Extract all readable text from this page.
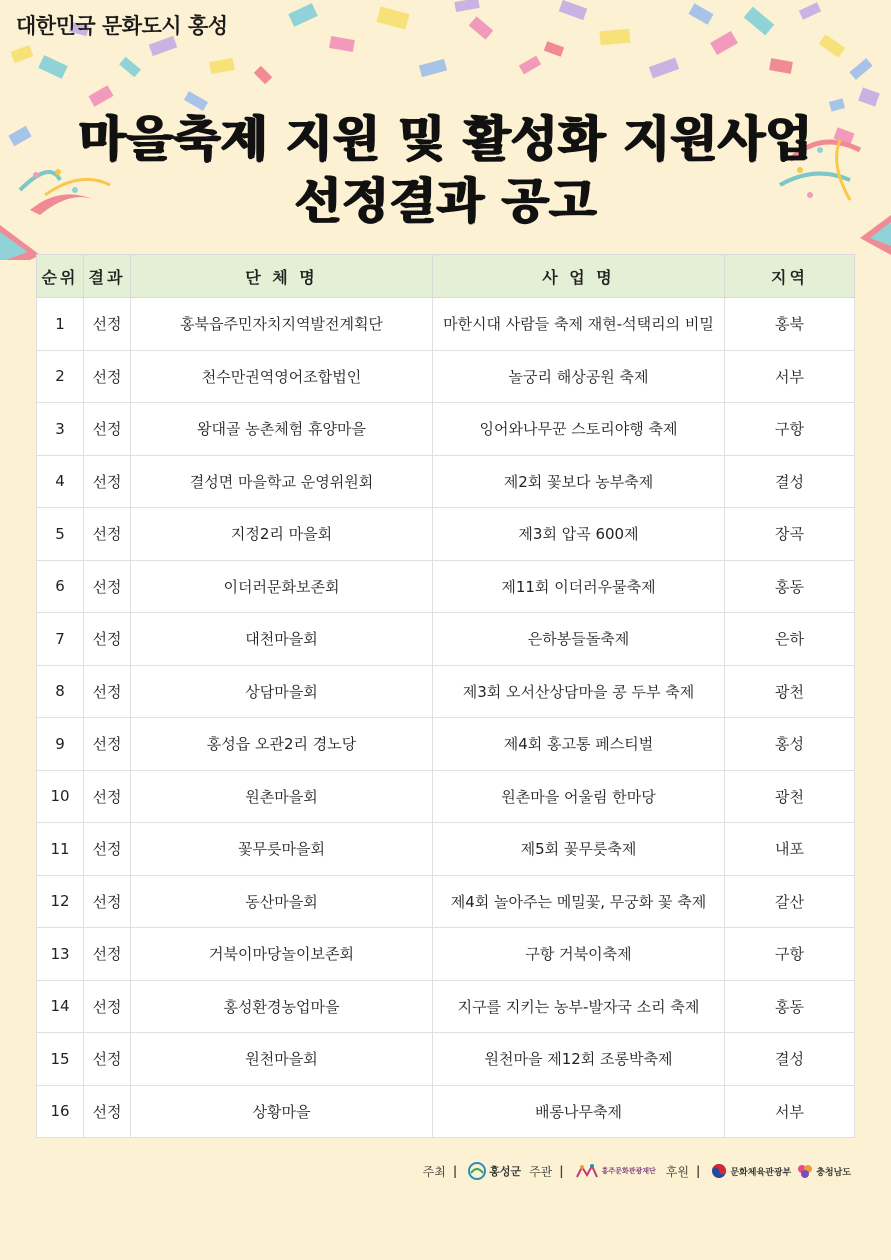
대한민국 문화도시 홍성
마을축제 지원 및 활성화 지원사업
선정결과 공고
순위	결과	단 체 명	사 업 명	지역
1	선정	홍북읍주민자치지역발전계획단	마한시대 사람들 축제 재현-석택리의 비밀	홍북
2	선정	천수만권역영어조합법인	놀궁리 해상공원 축제	서부
3	선정	왕대골 농촌체험 휴양마을	잉어와나무꾼 스토리야행 축제	구항
4	선정	결성면 마을학교 운영위원회	제2회 꽃보다 농부축제	결성
5	선정	지정2리 마을회	제3회 압곡 600제	장곡
6	선정	이더러문화보존회	제11회 이더러우물축제	홍동
7	선정	대천마을회	은하봉들돌축제	은하
8	선정	상담마을회	제3회 오서산상담마을 콩 두부 축제	광천
9	선정	홍성읍 오관2리 경노당	제4회 홍고통 페스티벌	홍성
10	선정	원촌마을회	원촌마을 어울림 한마당	광천
11	선정	꽃무릇마을회	제5회 꽃무릇축제	내포
12	선정	동산마을회	제4회 놀아주는 메밀꽃, 무궁화 꽃 축제	갈산
13	선정	거북이마당놀이보존회	구항 거북이축제	구항
14	선정	홍성환경농업마을	지구를 지키는 농부-발자국 소리 축제	홍동
15	선정	원천마을회	원천마을 제12회 조롱박축제	결성
16	선정	상황마을	배롱나무축제	서부
주최 |	홍성군 주관 |	홍주문화관광재단 후원 |	문화체육관광부	충청남도
